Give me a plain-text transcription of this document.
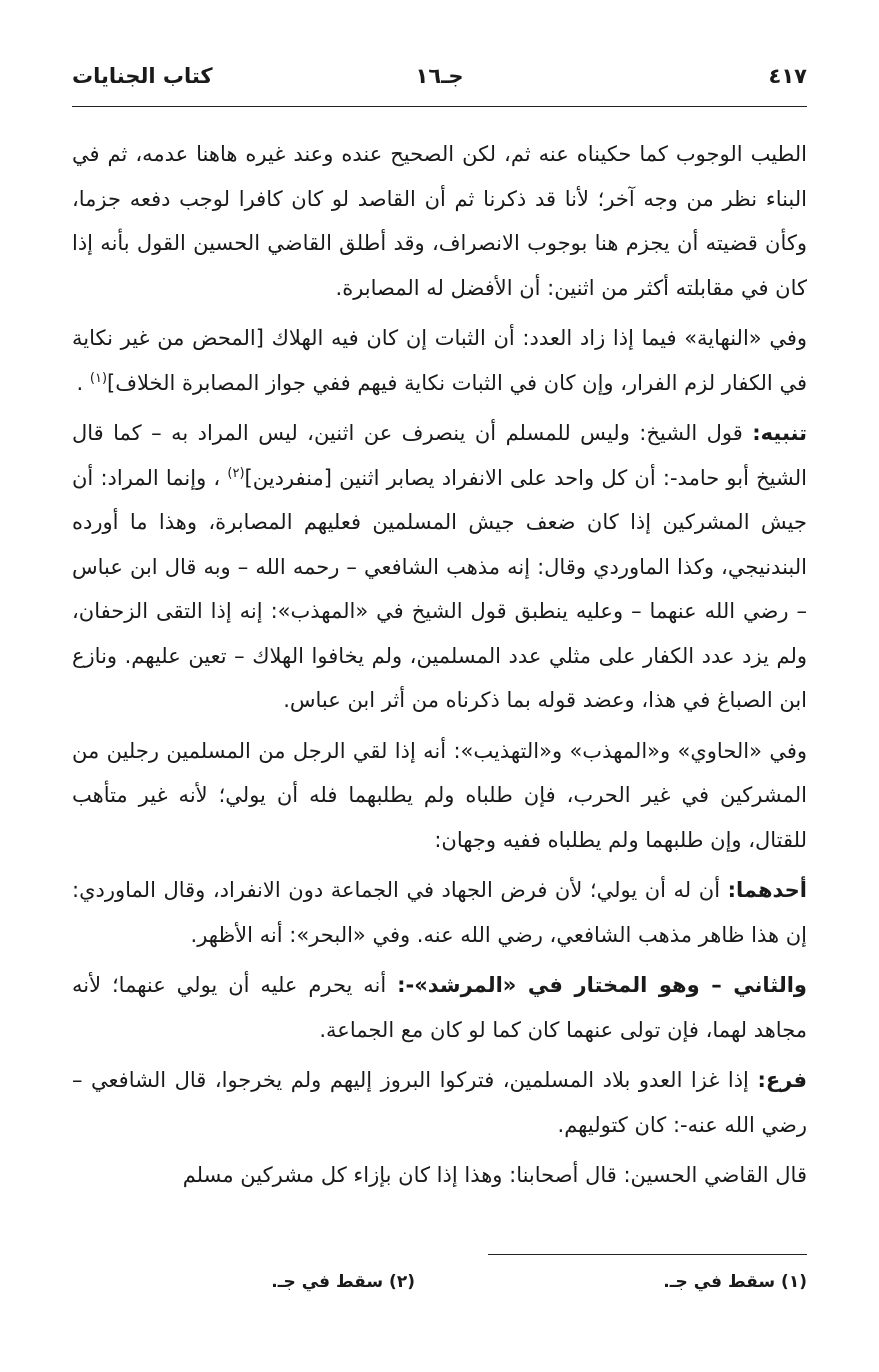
٤١٧
جـ١٦
كتاب الجنايات

الطيب الوجوب كما حكيناه عنه ثم، لكن الصحيح عنده وعند غيره هاهنا عدمه، ثم في البناء نظر من وجه آخر؛ لأنا قد ذكرنا ثم أن القاصد لو كان كافرا لوجب دفعه جزما، وكأن قضيته أن يجزم هنا بوجوب الانصراف، وقد أطلق القاضي الحسين القول بأنه إذا كان في مقابلته أكثر من اثنين: أن الأفضل له المصابرة.

وفي «النهاية» فيما إذا زاد العدد: أن الثبات إن كان فيه الهلاك [المحض من غير نكاية في الكفار لزم الفرار، وإن كان في الثبات نكاية فيهم ففي جواز المصابرة الخلاف]$^{(١)}$ .

تنبيه: قول الشيخ: وليس للمسلم أن ينصرف عن اثنين، ليس المراد به – كما قال الشيخ أبو حامد-: أن كل واحد على الانفراد يصابر اثنين [منفردين]$^{(٢)}$ ، وإنما المراد: أن جيش المشركين إذا كان ضعف جيش المسلمين فعليهم المصابرة، وهذا ما أورده البندنيجي، وكذا الماوردي وقال: إنه مذهب الشافعي – رحمه الله – وبه قال ابن عباس – رضي الله عنهما – وعليه ينطبق قول الشيخ في «المهذب»: إنه إذا التقى الزحفان، ولم يزد عدد الكفار على مثلي عدد المسلمين، ولم يخافوا الهلاك – تعين عليهم. ونازع ابن الصباغ في هذا، وعضد قوله بما ذكرناه من أثر ابن عباس.

وفي «الحاوي» و«المهذب» و«التهذيب»: أنه إذا لقي الرجل من المسلمين رجلين من المشركين في غير الحرب، فإن طلباه ولم يطلبهما فله أن يولي؛ لأنه غير متأهب للقتال، وإن طلبهما ولم يطلباه ففيه وجهان:

أحدهما: أن له أن يولي؛ لأن فرض الجهاد في الجماعة دون الانفراد، وقال الماوردي: إن هذا ظاهر مذهب الشافعي، رضي الله عنه. وفي «البحر»: أنه الأظهر.

والثاني – وهو المختار في «المرشد»-: أنه يحرم عليه أن يولي عنهما؛ لأنه مجاهد لهما، فإن تولى عنهما كان كما لو كان مع الجماعة.

فرع: إذا غزا العدو بلاد المسلمين، فتركوا البروز إليهم ولم يخرجوا، قال الشافعي – رضي الله عنه-: كان كتوليهم.

قال القاضي الحسين: قال أصحابنا: وهذا إذا كان بإزاء كل مشركين مسلم

(١) سقط في جـ.
(٢) سقط في جـ.
